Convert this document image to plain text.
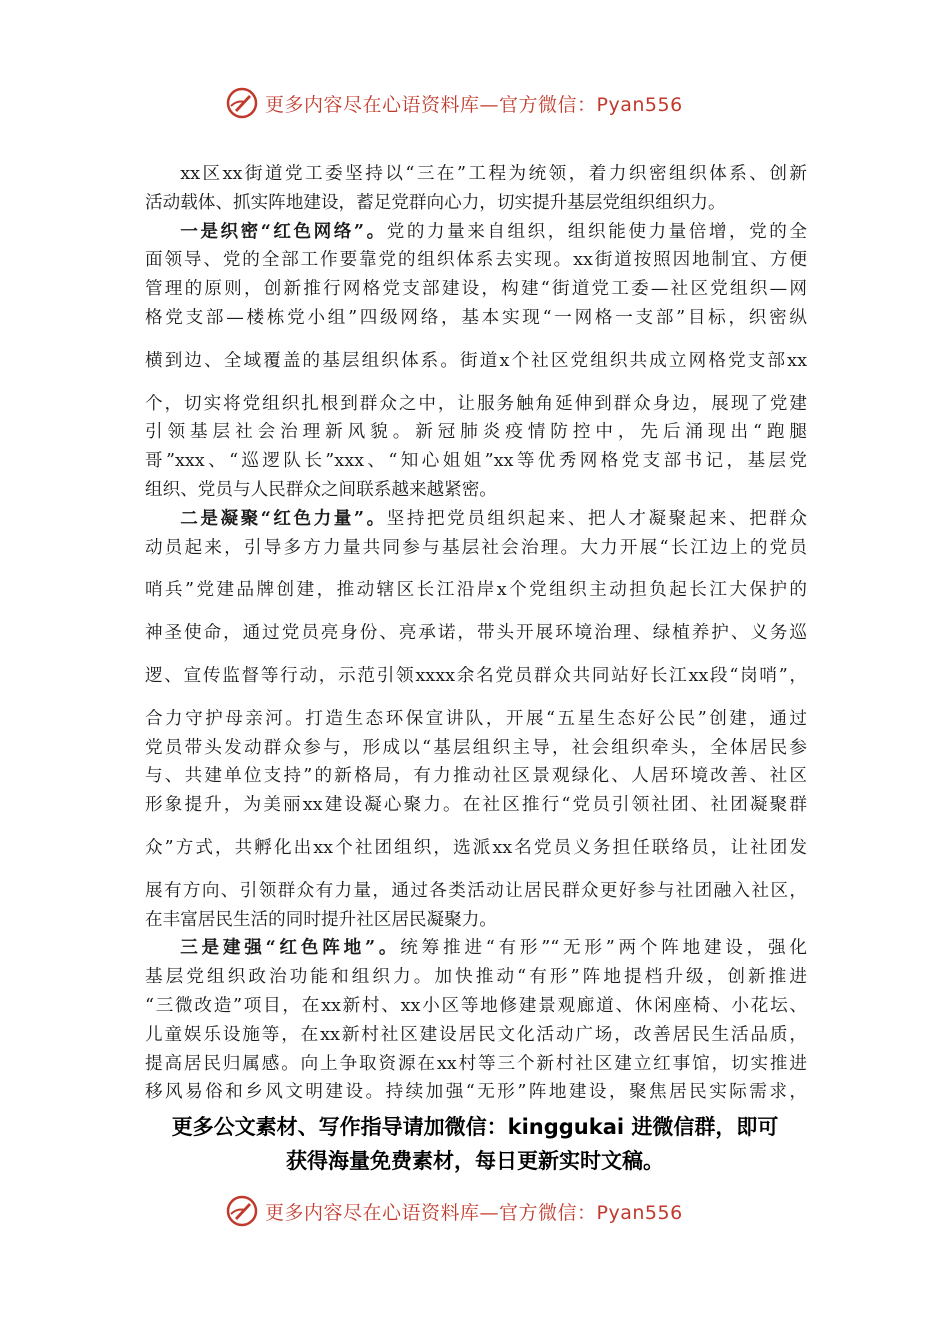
更多内容尽在心语资料库—官方微信：Pyan556
xx区xx街道党工委坚持以“三在”工程为统领，着力织密组织体系、创新
活动载体、抓实阵地建设，蓄足党群向心力，切实提升基层党组织组织力。
一是织密“红色网络”。党的力量来自组织，组织能使力量倍增，党的全
面领导、党的全部工作要靠党的组织体系去实现。xx街道按照因地制宜、方便
管理的原则，创新推行网格党支部建设，构建“街道党工委—社区党组织—网
格党支部—楼栋党小组”四级网络，基本实现“一网格一支部”目标，织密纵
横到边、全域覆盖的基层组织体系。街道x个社区党组织共成立网格党支部xx
个，切实将党组织扎根到群众之中，让服务触角延伸到群众身边，展现了党建
引领基层社会治理新风貌。新冠肺炎疫情防控中，先后涌现出“跑腿
哥”xxx、“巡逻队长”xxx、“知心姐姐”xx等优秀网格党支部书记，基层党
组织、党员与人民群众之间联系越来越紧密。
二是凝聚“红色力量”。坚持把党员组织起来、把人才凝聚起来、把群众
动员起来，引导多方力量共同参与基层社会治理。大力开展“长江边上的党员
哨兵”党建品牌创建，推动辖区长江沿岸x个党组织主动担负起长江大保护的
神圣使命，通过党员亮身份、亮承诺，带头开展环境治理、绿植养护、义务巡
逻、宣传监督等行动，示范引领xxxx余名党员群众共同站好长江xx段“岗哨”，
合力守护母亲河。打造生态环保宣讲队，开展“五星生态好公民”创建，通过
党员带头发动群众参与，形成以“基层组织主导，社会组织牵头，全体居民参
与、共建单位支持”的新格局，有力推动社区景观绿化、人居环境改善、社区
形象提升，为美丽xx建设凝心聚力。在社区推行“党员引领社团、社团凝聚群
众”方式，共孵化出xx个社团组织，选派xx名党员义务担任联络员，让社团发
展有方向、引领群众有力量，通过各类活动让居民群众更好参与社团融入社区，
在丰富居民生活的同时提升社区居民凝聚力。
三是建强“红色阵地”。统筹推进“有形”“无形”两个阵地建设，强化
基层党组织政治功能和组织力。加快推动“有形”阵地提档升级，创新推进
“三微改造”项目，在xx新村、xx小区等地修建景观廊道、休闲座椅、小花坛、
儿童娱乐设施等，在xx新村社区建设居民文化活动广场，改善居民生活品质，
提高居民归属感。向上争取资源在xx村等三个新村社区建立红事馆，切实推进
移风易俗和乡风文明建设。持续加强“无形”阵地建设，聚焦居民实际需求，
更多公文素材、写作指导请加微信：kinggukai 进微信群，即可
获得海量免费素材，每日更新实时文稿。
更多内容尽在心语资料库—官方微信：Pyan556
